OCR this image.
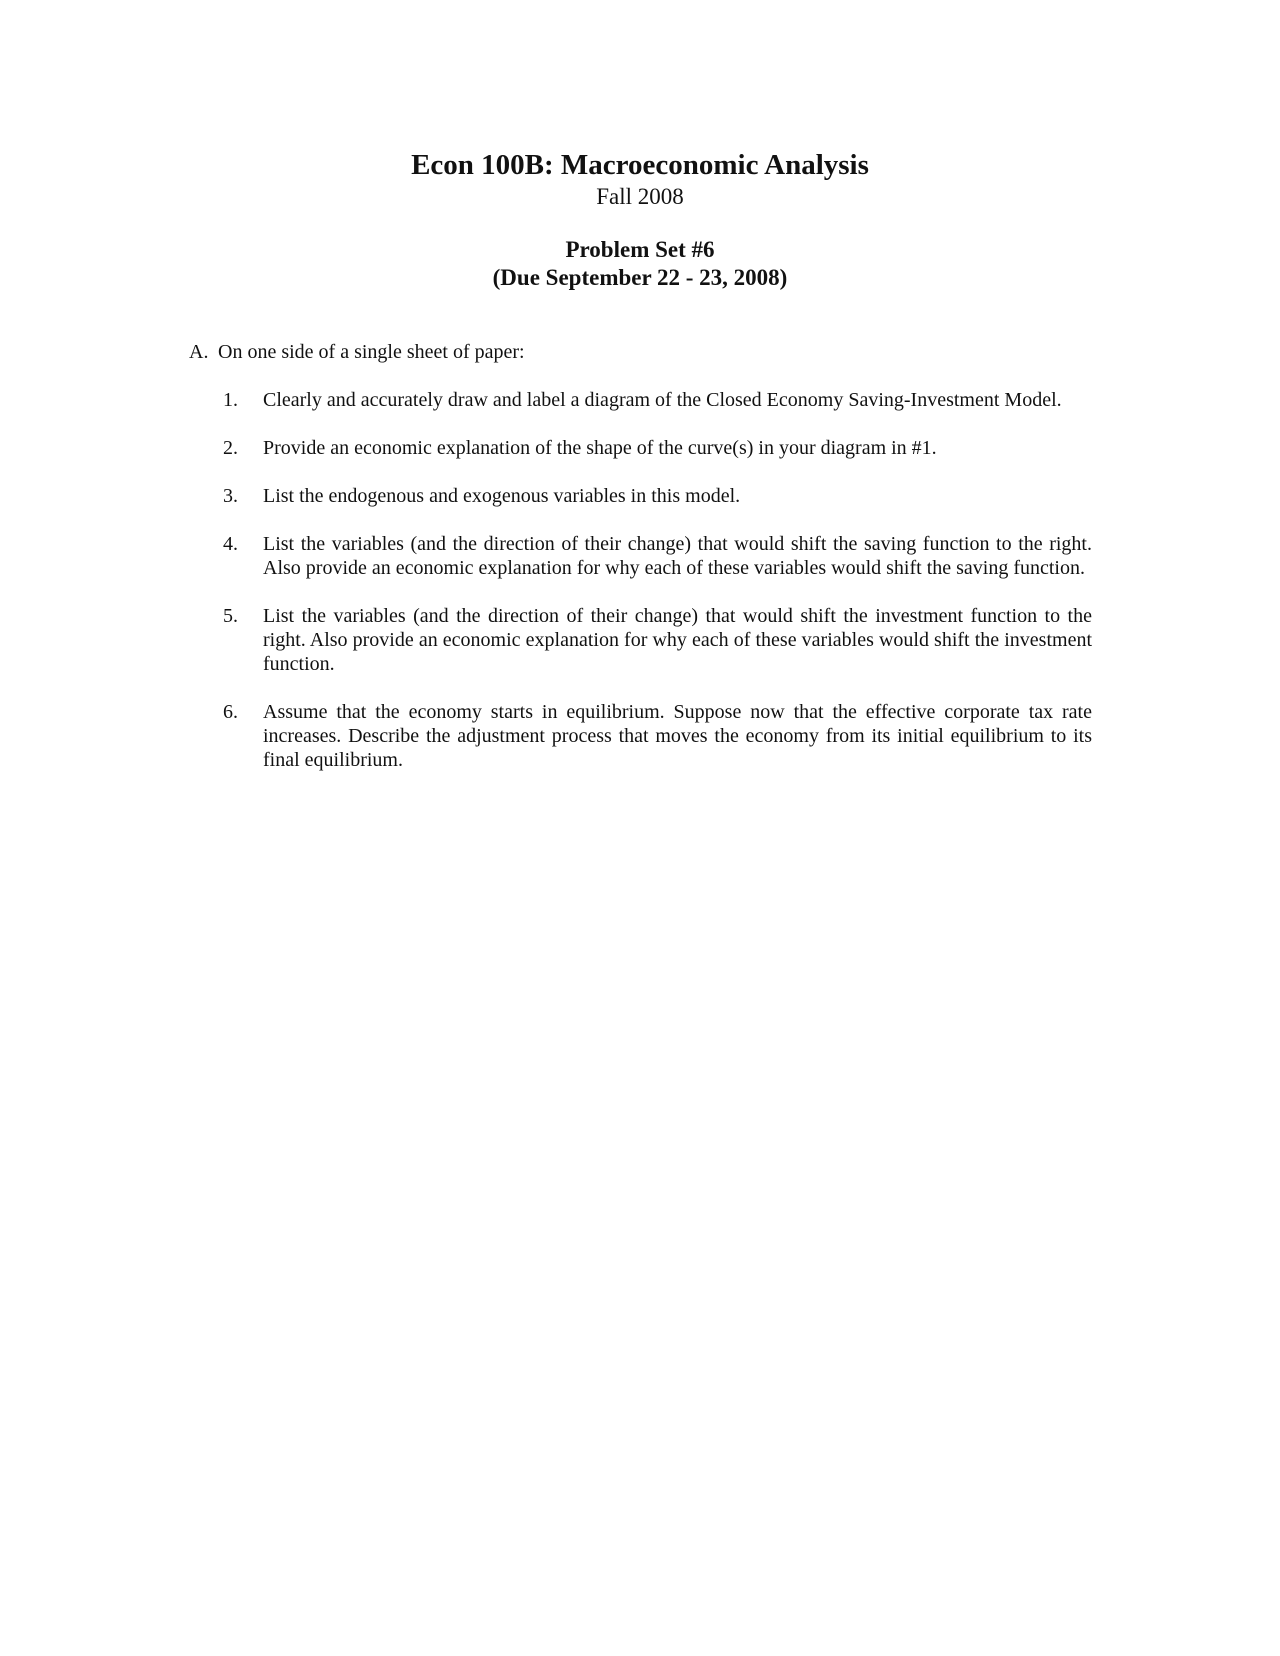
Econ 100B: Macroeconomic Analysis
Fall 2008
Problem Set #6
(Due September 22 - 23, 2008)
A. On one side of a single sheet of paper:
1.	Clearly and accurately draw and label a diagram of the Closed Economy Saving-Investment Model.
2.	Provide an economic explanation of the shape of the curve(s) in your diagram in #1.
3.	List the endogenous and exogenous variables in this model.
4.	List the variables (and the direction of their change) that would shift the saving function to the right. Also provide an economic explanation for why each of these variables would shift the saving function.
5.	List the variables (and the direction of their change) that would shift the investment function to the right. Also provide an economic explanation for why each of these variables would shift the investment function.
6.	Assume that the economy starts in equilibrium. Suppose now that the effective corporate tax rate increases. Describe the adjustment process that moves the economy from its initial equilibrium to its final equilibrium.
